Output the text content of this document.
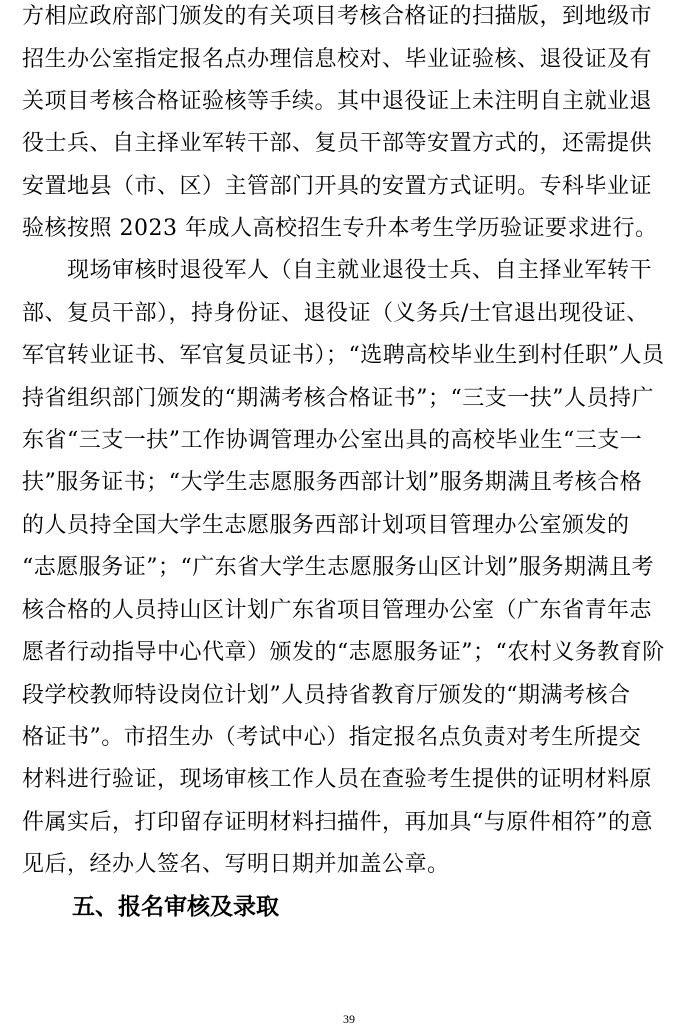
方相应政府部门颁发的有关项目考核合格证的扫描版，到地级市
招生办公室指定报名点办理信息校对、毕业证验核、退役证及有
关项目考核合格证验核等手续。其中退役证上未注明自主就业退
役士兵、自主择业军转干部、复员干部等安置方式的，还需提供
安置地县（市、区）主管部门开具的安置方式证明。专科毕业证
验核按照 2023 年成人高校招生专升本考生学历验证要求进行。
　　现场审核时退役军人（自主就业退役士兵、自主择业军转干
部、复员干部），持身份证、退役证（义务兵/士官退出现役证、
军官转业证书、军官复员证书）；“选聘高校毕业生到村任职”人员
持省组织部门颁发的“期满考核合格证书”；“三支一扶”人员持广
东省“三支一扶”工作协调管理办公室出具的高校毕业生“三支一
扶”服务证书；“大学生志愿服务西部计划”服务期满且考核合格
的人员持全国大学生志愿服务西部计划项目管理办公室颁发的
“志愿服务证”；“广东省大学生志愿服务山区计划”服务期满且考
核合格的人员持山区计划广东省项目管理办公室（广东省青年志
愿者行动指导中心代章）颁发的“志愿服务证”；“农村义务教育阶
段学校教师特设岗位计划”人员持省教育厅颁发的“期满考核合
格证书”。市招生办（考试中心）指定报名点负责对考生所提交
材料进行验证，现场审核工作人员在查验考生提供的证明材料原
件属实后，打印留存证明材料扫描件，再加具“与原件相符”的意
见后，经办人签名、写明日期并加盖公章。
五、报名审核及录取
39
